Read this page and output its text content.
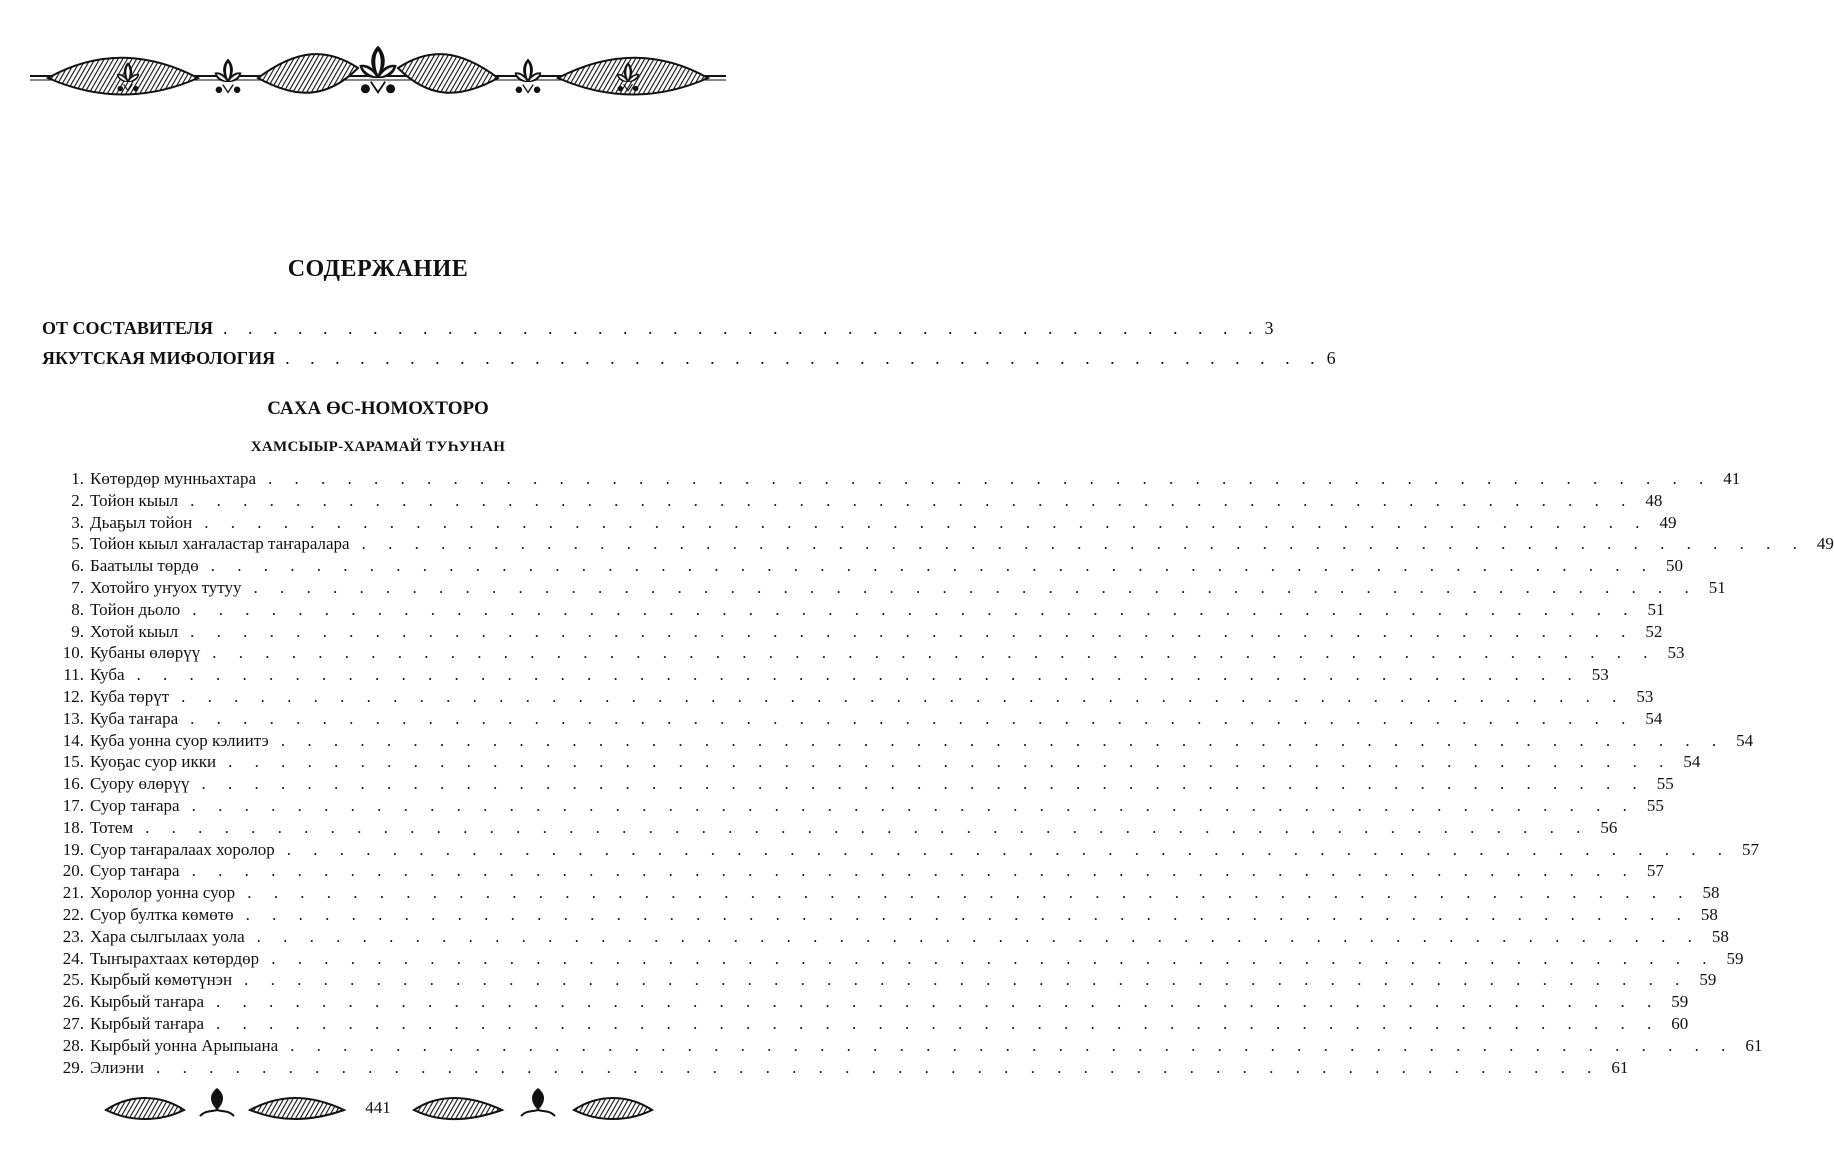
СОДЕРЖАНИЕ
ОТ СОСТАВИТЕЛЯ . . . . . . . . . . . . . . . . . . . . . . . . . . . . . . . . . . . . . . . . . . 3
ЯКУТСКАЯ МИФОЛОГИЯ . . . . . . . . . . . . . . . . . . . . . . . . . . . . . . . . . . . . . . . . . . 6
САХА ӨС-НОМОХТОРО
ХАМСЫЫР-ХАРАМАЙ ТУҺУНАН
1. Көтөрдөр мунньахтара . . . . . . . . . . . . . . . . . . . . . . . . . . . . . . . . . . . . . . . . . . . . . . . . . . . . . . . 41
2. Тойон кыыл . . . . . . . . . . . . . . . . . . . . . . . . . . . . . . . . . . . . . . . . . . . . . . . . . . . . . . . 48
3. Дьаҕыл тойон . . . . . . . . . . . . . . . . . . . . . . . . . . . . . . . . . . . . . . . . . . . . . . . . . . . . . . . 49
5. Тойон кыыл хаҥаластар таҥаралара . . . . . . . . . . . . . . . . . . . . . . . . . . . . . . . . . . . . . . . . . . . . . . . . . . . . . . . 49
6. Баатылы төрдө . . . . . . . . . . . . . . . . . . . . . . . . . . . . . . . . . . . . . . . . . . . . . . . . . . . . . . . 50
7. Хотойго уҥуох тутуу . . . . . . . . . . . . . . . . . . . . . . . . . . . . . . . . . . . . . . . . . . . . . . . . . . . . . . . 51
8. Тойон дьоло . . . . . . . . . . . . . . . . . . . . . . . . . . . . . . . . . . . . . . . . . . . . . . . . . . . . . . . 51
9. Хотой кыыл . . . . . . . . . . . . . . . . . . . . . . . . . . . . . . . . . . . . . . . . . . . . . . . . . . . . . . . 52
10. Кубаны өлөрүү . . . . . . . . . . . . . . . . . . . . . . . . . . . . . . . . . . . . . . . . . . . . . . . . . . . . . . . 53
11. Куба . . . . . . . . . . . . . . . . . . . . . . . . . . . . . . . . . . . . . . . . . . . . . . . . . . . . . . . 53
12. Куба төрүт . . . . . . . . . . . . . . . . . . . . . . . . . . . . . . . . . . . . . . . . . . . . . . . . . . . . . . . 53
13. Куба таҥара . . . . . . . . . . . . . . . . . . . . . . . . . . . . . . . . . . . . . . . . . . . . . . . . . . . . . . . 54
14. Куба уонна суор кэлиитэ . . . . . . . . . . . . . . . . . . . . . . . . . . . . . . . . . . . . . . . . . . . . . . . . . . . . . . . 54
15. Куоҕас суор икки . . . . . . . . . . . . . . . . . . . . . . . . . . . . . . . . . . . . . . . . . . . . . . . . . . . . . . . 54
16. Суору өлөрүү . . . . . . . . . . . . . . . . . . . . . . . . . . . . . . . . . . . . . . . . . . . . . . . . . . . . . . . 55
17. Суор таҥара . . . . . . . . . . . . . . . . . . . . . . . . . . . . . . . . . . . . . . . . . . . . . . . . . . . . . . . 55
18. Тотем . . . . . . . . . . . . . . . . . . . . . . . . . . . . . . . . . . . . . . . . . . . . . . . . . . . . . . . 56
19. Суор таҥаралаах хоролор . . . . . . . . . . . . . . . . . . . . . . . . . . . . . . . . . . . . . . . . . . . . . . . . . . . . . . . 57
20. Суор таҥара . . . . . . . . . . . . . . . . . . . . . . . . . . . . . . . . . . . . . . . . . . . . . . . . . . . . . . . 57
21. Хоролор уонна суор . . . . . . . . . . . . . . . . . . . . . . . . . . . . . . . . . . . . . . . . . . . . . . . . . . . . . . . 58
22. Суор бултка көмөтө . . . . . . . . . . . . . . . . . . . . . . . . . . . . . . . . . . . . . . . . . . . . . . . . . . . . . . . 58
23. Хара сылгылаах уола . . . . . . . . . . . . . . . . . . . . . . . . . . . . . . . . . . . . . . . . . . . . . . . . . . . . . . . 58
24. Тыҥырахтаах көтөрдөр . . . . . . . . . . . . . . . . . . . . . . . . . . . . . . . . . . . . . . . . . . . . . . . . . . . . . . . 59
25. Кырбый көмөтүнэн . . . . . . . . . . . . . . . . . . . . . . . . . . . . . . . . . . . . . . . . . . . . . . . . . . . . . . . 59
26. Кырбый таҥара . . . . . . . . . . . . . . . . . . . . . . . . . . . . . . . . . . . . . . . . . . . . . . . . . . . . . . . 59
27. Кырбый таҥара . . . . . . . . . . . . . . . . . . . . . . . . . . . . . . . . . . . . . . . . . . . . . . . . . . . . . . . 60
28. Кырбый уонна Арыпыана . . . . . . . . . . . . . . . . . . . . . . . . . . . . . . . . . . . . . . . . . . . . . . . . . . . . . . . 61
29. Элиэни . . . . . . . . . . . . . . . . . . . . . . . . . . . . . . . . . . . . . . . . . . . . . . . . . . . . . . . 61
441
